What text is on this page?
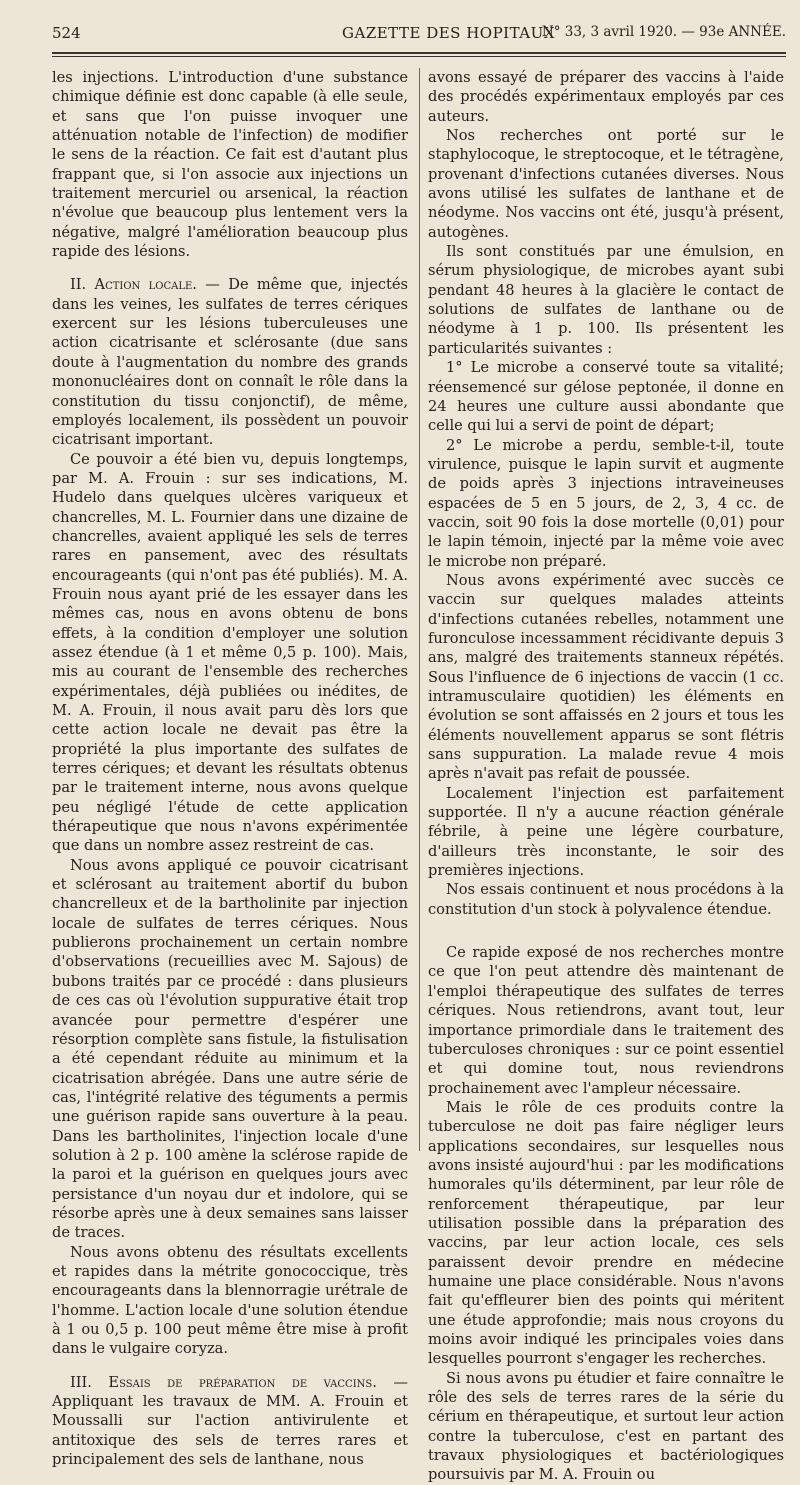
524	GAZETTE DES HOPITAUX
N° 33, 3 avril 1920. — 93e ANNÉE.

les injections. L'introduction d'une substance chimique définie est donc capable (à elle seule, et sans que l'on puisse invoquer une atténuation notable de l'infection) de modifier le sens de la réaction. Ce fait est d'autant plus frappant que, si l'on associe aux injections un traitement mercuriel ou arsenical, la réaction n'évolue que beaucoup plus lentement vers la négative, malgré l'amélioration beaucoup plus rapide des lésions.

II. Action locale. — De même que, injectés dans les veines, les sulfates de terres cériques exercent sur les lésions tuberculeuses une action cicatrisante et sclérosante (due sans doute à l'augmentation du nombre des grands mononucléaires dont on connaît le rôle dans la constitution du tissu conjonctif), de même, employés localement, ils possèdent un pouvoir cicatrisant important.

Ce pouvoir a été bien vu, depuis longtemps, par M. A. Frouin : sur ses indications, M. Hudelo dans quelques ulcères variqueux et chancrelles, M. L. Fournier dans une dizaine de chancrelles, avaient appliqué les sels de terres rares en pansement, avec des résultats encourageants (qui n'ont pas été publiés). M. A. Frouin nous ayant prié de les essayer dans les mêmes cas, nous en avons obtenu de bons effets, à la condition d'employer une solution assez étendue (à 1 et même 0,5 p. 100). Mais, mis au courant de l'ensemble des recherches expérimentales, déjà publiées ou inédites, de M. A. Frouin, il nous avait paru dès lors que cette action locale ne devait pas être la propriété la plus importante des sulfates de terres cériques; et devant les résultats obtenus par le traitement interne, nous avons quelque peu négligé l'étude de cette application thérapeutique que nous n'avons expérimentée que dans un nombre assez restreint de cas.

Nous avons appliqué ce pouvoir cicatrisant et sclérosant au traitement abortif du bubon chancrelleux et de la bartholinite par injection locale de sulfates de terres cériques. Nous publierons prochainement un certain nombre d'observations (recueillies avec M. Sajous) de bubons traités par ce procédé : dans plusieurs de ces cas où l'évolution suppurative était trop avancée pour permettre d'espérer une résorption complète sans fistule, la fistulisation a été cependant réduite au minimum et la cicatrisation abrégée. Dans une autre série de cas, l'intégrité relative des téguments a permis une guérison rapide sans ouverture à la peau. Dans les bartholinites, l'injection locale d'une solution à 2 p. 100 amène la sclérose rapide de la paroi et la guérison en quelques jours avec persistance d'un noyau dur et indolore, qui se résorbe après une à deux semaines sans laisser de traces.

Nous avons obtenu des résultats excellents et rapides dans la métrite gonococcique, très encourageants dans la blennorragie urétrale de l'homme. L'action locale d'une solution étendue à 1 ou 0,5 p. 100 peut même être mise à profit dans le vulgaire coryza.

III. Essais de préparation de vaccins. — Appliquant les travaux de MM. A. Frouin et Moussalli sur l'action antivirulente et antitoxique des sels de terres rares et principalement des sels de lanthane, nous

avons essayé de préparer des vaccins à l'aide des procédés expérimentaux employés par ces auteurs.

Nos recherches ont porté sur le staphylocoque, le streptocoque, et le tétragène, provenant d'infections cutanées diverses. Nous avons utilisé les sulfates de lanthane et de néodyme. Nos vaccins ont été, jusqu'à présent, autogènes.

Ils sont constitués par une émulsion, en sérum physiologique, de microbes ayant subi pendant 48 heures à la glacière le contact de solutions de sulfates de lanthane ou de néodyme à 1 p. 100. Ils présentent les particularités suivantes :

1° Le microbe a conservé toute sa vitalité; réensemencé sur gélose peptonée, il donne en 24 heures une culture aussi abondante que celle qui lui a servi de point de départ;

2° Le microbe a perdu, semble-t-il, toute virulence, puisque le lapin survit et augmente de poids après 3 injections intraveineuses espacées de 5 en 5 jours, de 2, 3, 4 cc. de vaccin, soit 90 fois la dose mortelle (0,01) pour le lapin témoin, injecté par la même voie avec le microbe non préparé.

Nous avons expérimenté avec succès ce vaccin sur quelques malades atteints d'infections cutanées rebelles, notamment une furonculose incessamment récidivante depuis 3 ans, malgré des traitements stanneux répétés. Sous l'influence de 6 injections de vaccin (1 cc. intramusculaire quotidien) les éléments en évolution se sont affaissés en 2 jours et tous les éléments nouvellement apparus se sont flétris sans suppuration. La malade revue 4 mois après n'avait pas refait de poussée.

Localement l'injection est parfaitement supportée. Il n'y a aucune réaction générale fébrile, à peine une légère courbature, d'ailleurs très inconstante, le soir des premières injections.

Nos essais continuent et nous procédons à la constitution d'un stock à polyvalence étendue.

Ce rapide exposé de nos recherches montre ce que l'on peut attendre dès maintenant de l'emploi thérapeutique des sulfates de terres cériques. Nous retiendrons, avant tout, leur importance primordiale dans le traitement des tuberculoses chroniques : sur ce point essentiel et qui domine tout, nous reviendrons prochainement avec l'ampleur nécessaire.

Mais le rôle de ces produits contre la tuberculose ne doit pas faire négliger leurs applications secondaires, sur lesquelles nous avons insisté aujourd'hui : par les modifications humorales qu'ils déterminent, par leur rôle de renforcement thérapeutique, par leur utilisation possible dans la préparation des vaccins, par leur action locale, ces sels paraissent devoir prendre en médecine humaine une place considérable. Nous n'avons fait qu'effleurer bien des points qui méritent une étude approfondie; mais nous croyons du moins avoir indiqué les principales voies dans lesquelles pourront s'engager les recherches.

Si nous avons pu étudier et faire connaître le rôle des sels de terres rares de la série du cérium en thérapeutique, et surtout leur action contre la tuberculose, c'est en partant des travaux physiologiques et bactériologiques poursuivis par M. A. Frouin ou
